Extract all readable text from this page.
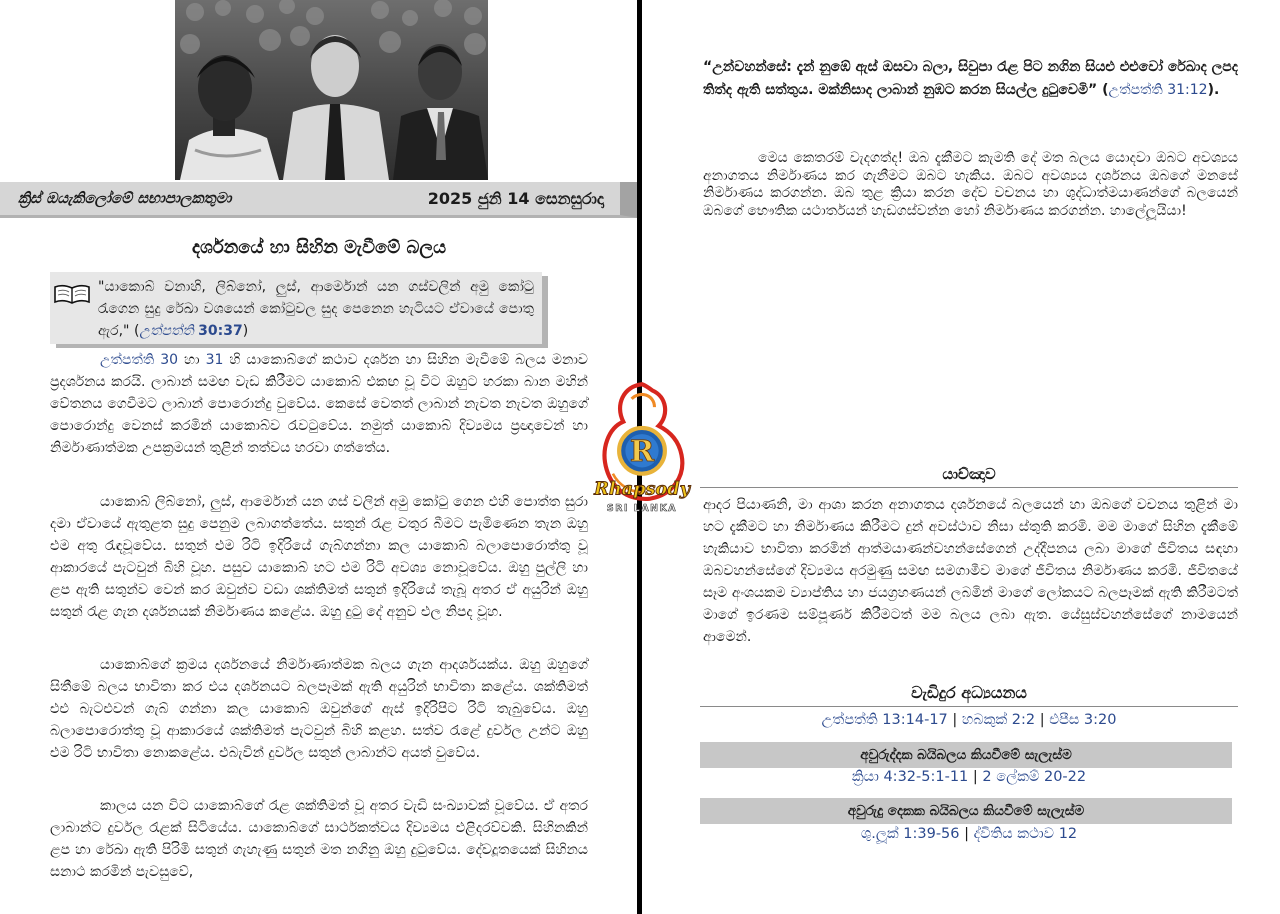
ක්‍රිස් ඔයැකිලෝමේ සභාපාලකතුමා	2025 ජුනි 14 සෙනසුරාදා
දර්ශනයේ හා සිහින මැවීමේ බලය
"යාකොබ් වනාහි, ලිබ්නෝ, ලුස්, ආර්මොන් යන ගස්වලින් අමු කෝටු රැගෙන සුදු රේඛා වශයෙන් කෝටුවල සුද පෙනෙන හැටියට ඒවායේ පොතු ඇර," (උත්පත්ති 30:37)
උත්පත්ති 30 හා 31 හි යාකොබ්ගේ කථාව දර්ශන හා සිහින මැවීමේ බලය මනාව ප්‍රදර්ශනය කරයි. ලාබාන් සමඟ වැඩ කිරීමට යාකොබ් එකඟ වූ විට ඔහුට හරකා බාන මහින් වේතනය ගෙවීමට ලාබාන් පොරොන්දු වුවේය. කෙසේ වෙතත් ලාබාන් නැවත නැවත ඔහුගේ පොරොන්දු වෙනස් කරමින් යාකොබ්ව රැවටුවේය. නමුත් යාකොබ් දිව්‍යමය ප්‍රඥාවෙන් හා නිර්මාණාත්මක උපක්‍රමයන් තුළින් තත්වය හරවා ගත්තේය.
යාකොබ් ලිබ්නෝ, ලුස්, ආර්මොන් යන ගස් වලින් අමු කෝටු ගෙන එහි පොත්ත සුරා දමා ඒවායේ ඇතුළත සුදු පෙනුම ලබාගත්තේය. සතුන් රැළ වතුර බීමට පැමිණෙන තැන ඔහු එම අතු රැඳවූවේය. සතුන් එම රිටි ඉදිරියේ ගැබ්ගන්නා කල යාකොබ් බලාපොරොත්තු වූ ආකාරයේ පැටවුන් බිහි වූහ. පසුව යාකොබ් හට එම රිටි අවශ්‍ය නොවූවේය. ඔහු පුල්ලි හා ළප ඇති සතුන්ව වෙන් කර ඔවුන්ව වඩා ශක්තිමත් සතුන් ඉදිරියේ තැබූ අතර ඒ අයුරින් ඔහු සතුන් රැළ ගැන දර්ශනයක් නිර්මාණය කළේය. ඔහු දුටු දේ අනුව එල නිපද වූහ.
යාකොබ්ගේ ක්‍රමය දර්ශනයේ නිර්මාණාත්මක බලය ගැන ආදර්ශයක්ය. ඔහු ඔහුගේ සිතීමේ බලය භාවිතා කර එය දර්ශනයට බලපෑමක් ඇති අයුරින් භාවිතා කළේය. ශක්තිමත් එළු බැටළුවන් ගැබ් ගන්නා කල යාකොබ් ඔවුන්ගේ ඇස් ඉදිරිපිට රිටි තැබුවේය. ඔහු බලාපොරොත්තු වූ ආකාරයේ ශක්තිමත් පැටවුන් බිහි කළහ. සත්ව රැළේ දුර්වල උන්ට ඔහු එම රිටි භාවිතා නොකළේය. එබැවින් දුර්වල සතුන් ලාබාන්ට අයත් වුවේය.
කාලය යන විට යාකොබ්ගේ රැළ ශක්තිමත් වූ අතර වැඩි සංඛ්‍යාවක් වූවේය. ඒ අතර ලාබාන්ට දුර්වල රැළක් සිටියේය. යාකොබ්ගේ සාර්ථකත්වය දිව්‍යමය එළිදරව්වකි. සිහිනකින් ළප හා රේඛා ඇති පිරිමි සතුන් ගැහැණු සතුන් මත නගිනු ඔහු දුටුවේය. දේවදූතයෙක් සිහිනය සනාථ කරමින් පැවසුවේ,
R
Rhapsody
SRI LANKA
“උන්වහන්සේ: දැන් නුඹේ ඇස් ඔසවා බලා, සිවුපා රැළ පිට නගින සියළු එළුවෝ රේඛාද ලපද තිත්ද ඇති සත්තුය. මක්නිසාද ලාබාන් නුඹට කරන සියල්ල දුටුවෙමි” (උත්පත්ති 31:12).
මෙය කෙතරම් වැදගත්ද! ඔබ දැකීමට කැමති දේ මත බලය යොදවා ඔබට අවශ්‍යය අනාගතය නිර්මාණය කර ගැනීමට ඔබට හැකිය. ඔබට අවශ්‍යය දර්ශනය ඔබගේ මනසේ නිර්මාණය කරගන්න. ඔබ තුළ ක්‍රියා කරන දේව වචනය හා ශුද්ධාත්මයාණන්ගේ බලයෙන් ඔබගේ භෞතික යථාර්තයන් හැඩගස්වන්න හෝ නිර්මාණය කරගන්න. හාලේලූයියා!
යාච්ඤාව
ආදර පියාණනි, මා ආශා කරන අනාගතය දර්ශනයේ බලයෙන් හා ඔබගේ වචනය තුළින් මා හට දැකීමට හා නිර්මාණය කිරීමට දුන් අවස්ථාව නිසා ස්තුති කරමි. මම මාගේ සිහින දැකීමේ හැකියාව භාවිතා කරමින් ආත්මයාණන්වහන්සේගෙන් උද්දීපනය ලබා මාගේ ජීවිතය සඳහා ඔබවහන්සේගේ දිව්‍යමය අරමුණු සමඟ සමගාමීව මාගේ ජීවිතය නිර්මාණය කරමි. ජීවිතයේ සෑම අංශයකම ව්‍යාප්තිය හා ජයග්‍රහණයන් ලබමින් මාගේ ලෝකයට බලපෑමක් ඇති කිරීමටත් මාගේ ඉරණම සම්පූර්ණ කිරීමටත් මම බලය ලබා ඇත. යේසුස්වහන්සේගේ නාමයෙන් ආමෙන්.
වැඩිදුර අධ්‍යයනය
උත්පත්ති 13:14-17 | හබකුක් 2:2 | එපීස 3:20
අවුරුද්දක බයිබලය කියවීමේ සැලැස්ම
ක්‍රියා 4:32-5:1-11 | 2 ලේකම් 20-22
අවුරුදු දෙකක බයිබලය කියවීමේ සැලැස්ම
ශු.ලූක් 1:39-56 | ද්විතිය කථාව 12
